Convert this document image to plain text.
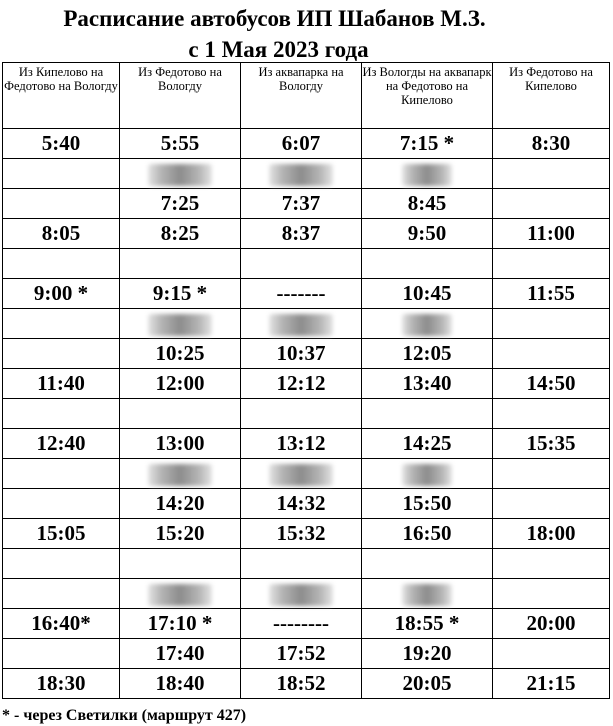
Расписание автобусов ИП Шабанов М.З.
с 1 Мая 2023 года
Из Кипелово на Федотово на Вологду	Из Федотово на Вологду	Из аквапарка на Вологду	Из Вологды на аквапарк на Федотово на Кипелово	Из Федотово на Кипелово
5:40	5:55	6:07	7:15 *	8:30

	7:25	7:37	8:45	
8:05	8:25	8:37	9:50	11:00

9:00 *	9:15 *	-------	10:45	11:55

	10:25	10:37	12:05	
11:40	12:00	12:12	13:40	14:50

12:40	13:00	13:12	14:25	15:35

	14:20	14:32	15:50	
15:05	15:20	15:32	16:50	18:00

16:40*	17:10 *	--------	18:55 *	20:00
	17:40	17:52	19:20	
18:30	18:40	18:52	20:05	21:15
* - через Светилки (маршрут 427)
